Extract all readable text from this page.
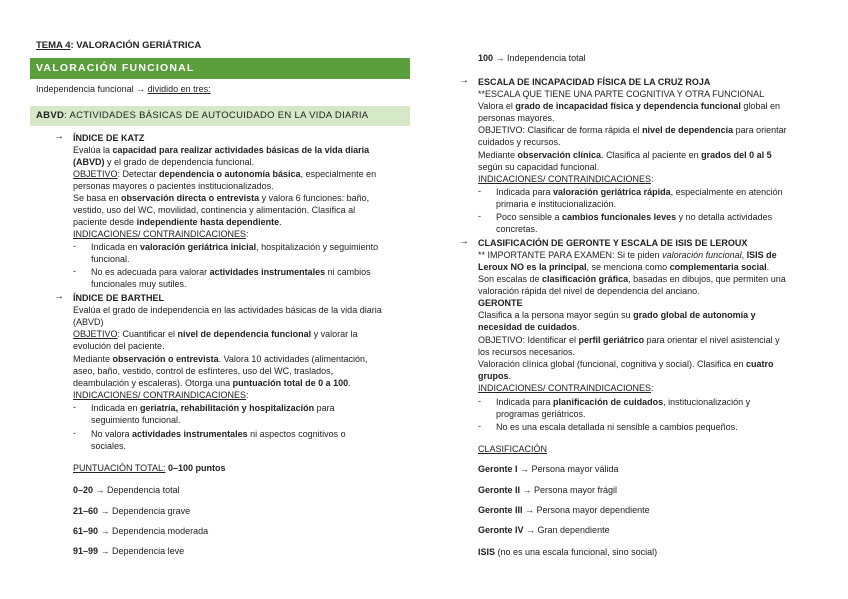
TEMA 4: VALORACIÓN GERIÁTRICA
VALORACIÓN FUNCIONAL
Independencia funcional → dividido en tres:
ABVD: ACTIVIDADES BÁSICAS DE AUTOCUIDADO EN LA VIDA DIARIA
→ ÍNDICE DE KATZ
Evalúa la capacidad para realizar actividades básicas de la vida diaria
(ABVD) y el grado de dependencia funcional.
OBJETIVO: Detectar dependencia o autonomía básica, especialmente en
personas mayores o pacientes institucionalizados.
Se basa en observación directa o entrevista y valora 6 funciones: baño,
vestido, uso del WC, movilidad, continencia y alimentación. Clasifica al
paciente desde independiente hasta dependiente.
INDICACIONES/ CONTRAINDICACIONES:
- Indicada en valoración geriátrica inicial, hospitalización y seguimiento
funcional.
- No es adecuada para valorar actividades instrumentales ni cambios
funcionales muy sutiles.
→ ÍNDICE DE BARTHEL
Evalúa el grado de independencia en las actividades básicas de la vida diaria
(ABVD)
OBJETIVO: Cuantificar el nivel de dependencia funcional y valorar la
evolución del paciente.
Mediante observación o entrevista. Valora 10 actividades (alimentación,
aseo, baño, vestido, control de esfínteres, uso del WC, traslados,
deambulación y escaleras). Otorga una puntuación total de 0 a 100.
INDICACIONES/ CONTRAINDICACIONES:
- Indicada en geriatría, rehabilitación y hospitalización para
seguimiento funcional.
- No valora actividades instrumentales ni aspectos cognitivos o
sociales.
PUNTUACIÓN TOTAL: 0–100 puntos
0–20 → Dependencia total
21–60 → Dependencia grave
61–90 → Dependencia moderada
91–99 → Dependencia leve
100 → Independencia total
→ ESCALA DE INCAPACIDAD FÍSICA DE LA CRUZ ROJA
**ESCALA QUE TIENE UNA PARTE COGNITIVA Y OTRA FUNCIONAL
Valora el grado de incapacidad física y dependencia funcional global en
personas mayores.
OBJETIVO: Clasificar de forma rápida el nivel de dependencia para orientar
cuidados y recursos.
Mediante observación clínica. Clasifica al paciente en grados del 0 al 5
según su capacidad funcional.
INDICACIONES/ CONTRAINDICACIONES:
- Indicada para valoración geriátrica rápida, especialmente en atención
primaria e institucionalización.
- Poco sensible a cambios funcionales leves y no detalla actividades
concretas.
→ CLASIFICACIÓN DE GERONTE Y ESCALA DE ISIS DE LEROUX
** IMPORTANTE PARA EXAMEN: Si te piden valoración funcional, ISIS de
Leroux NO es la principal, se menciona como complementaria social.
Son escalas de clasificación gráfica, basadas en dibujos, que permiten una
valoración rápida del nivel de dependencia del anciano.
GERONTE
Clasifica a la persona mayor según su grado global de autonomía y
necesidad de cuidados.
OBJETIVO: Identificar el perfil geriátrico para orientar el nivel asistencial y
los recursos necesarios.
Valoración clínica global (funcional, cognitiva y social). Clasifica en cuatro
grupos.
INDICACIONES/ CONTRAINDICACIONES:
- Indicada para planificación de cuidados, institucionalización y
programas geriátricos.
- No es una escala detallada ni sensible a cambios pequeños.
CLASIFICACIÓN
Geronte I → Persona mayor válida
Geronte II → Persona mayor frágil
Geronte III → Persona mayor dependiente
Geronte IV → Gran dependiente
ISIS (no es una escala funcional, sino social)
